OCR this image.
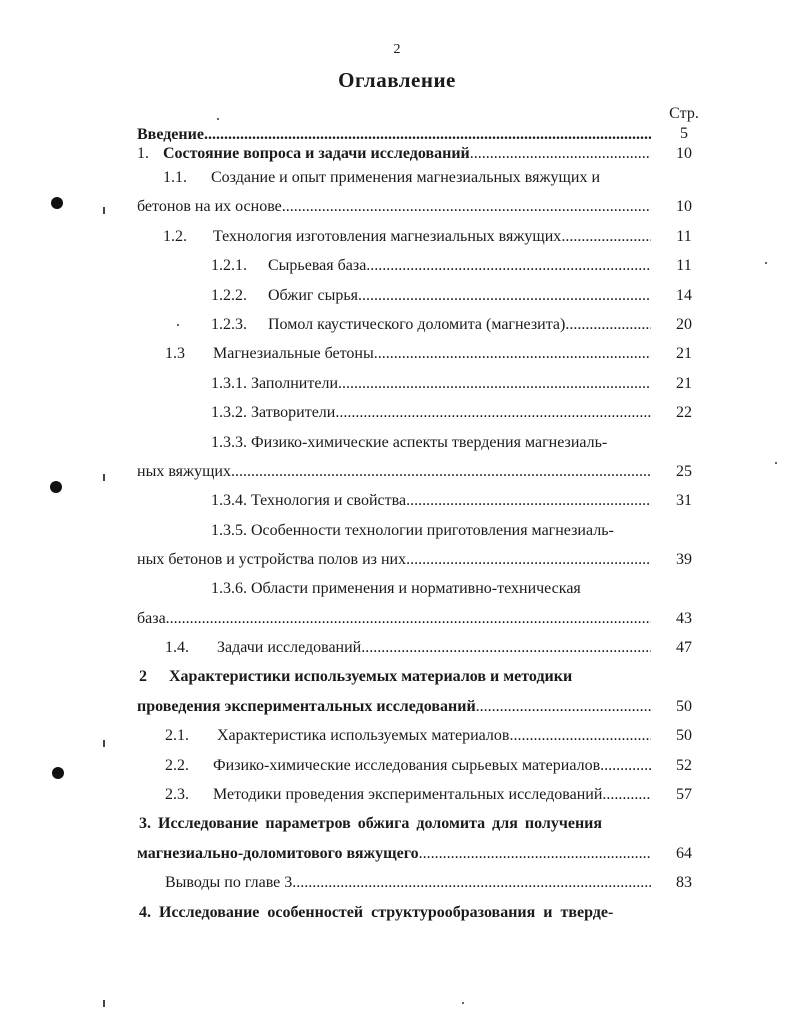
2
Оглавление
Стр.
Введение .....	5
1. Состояние вопроса и задачи исследований .....	10
1.1. Создание и опыт применения магнезиальных вяжущих и
бетонов на их основе .....	10
1.2. Технология изготовления магнезиальных вяжущих .....	11
1.2.1. Сырьевая база .....	11
1.2.2. Обжиг сырья .....	14
1.2.3. Помол каустического доломита (магнезита) .....	20
1.3 Магнезиальные бетоны .....	21
1.3.1. Заполнители .....	21
1.3.2. Затворители .....	22
1.3.3. Физико-химические аспекты твердения магнезиаль-
ных вяжущих .....	25
1.3.4. Технология и свойства .....	31
1.3.5. Особенности технологии приготовления магнезиаль-
ных бетонов и устройства полов из них .....	39
1.3.6. Области применения и нормативно-техническая
база .....	43
1.4. Задачи исследований .....	47
2 Характеристики используемых материалов и методики
проведения экспериментальных исследований .....	50
2.1. Характеристика используемых материалов .....	50
2.2. Физико-химические исследования сырьевых материалов .....	52
2.3. Методики проведения экспериментальных исследований .....	57
3. Исследование параметров обжига доломита для получения
магнезиально-доломитового вяжущего .....	64
Выводы по главе 3 .....	83
4. Исследование особенностей структурообразования и тверде-
